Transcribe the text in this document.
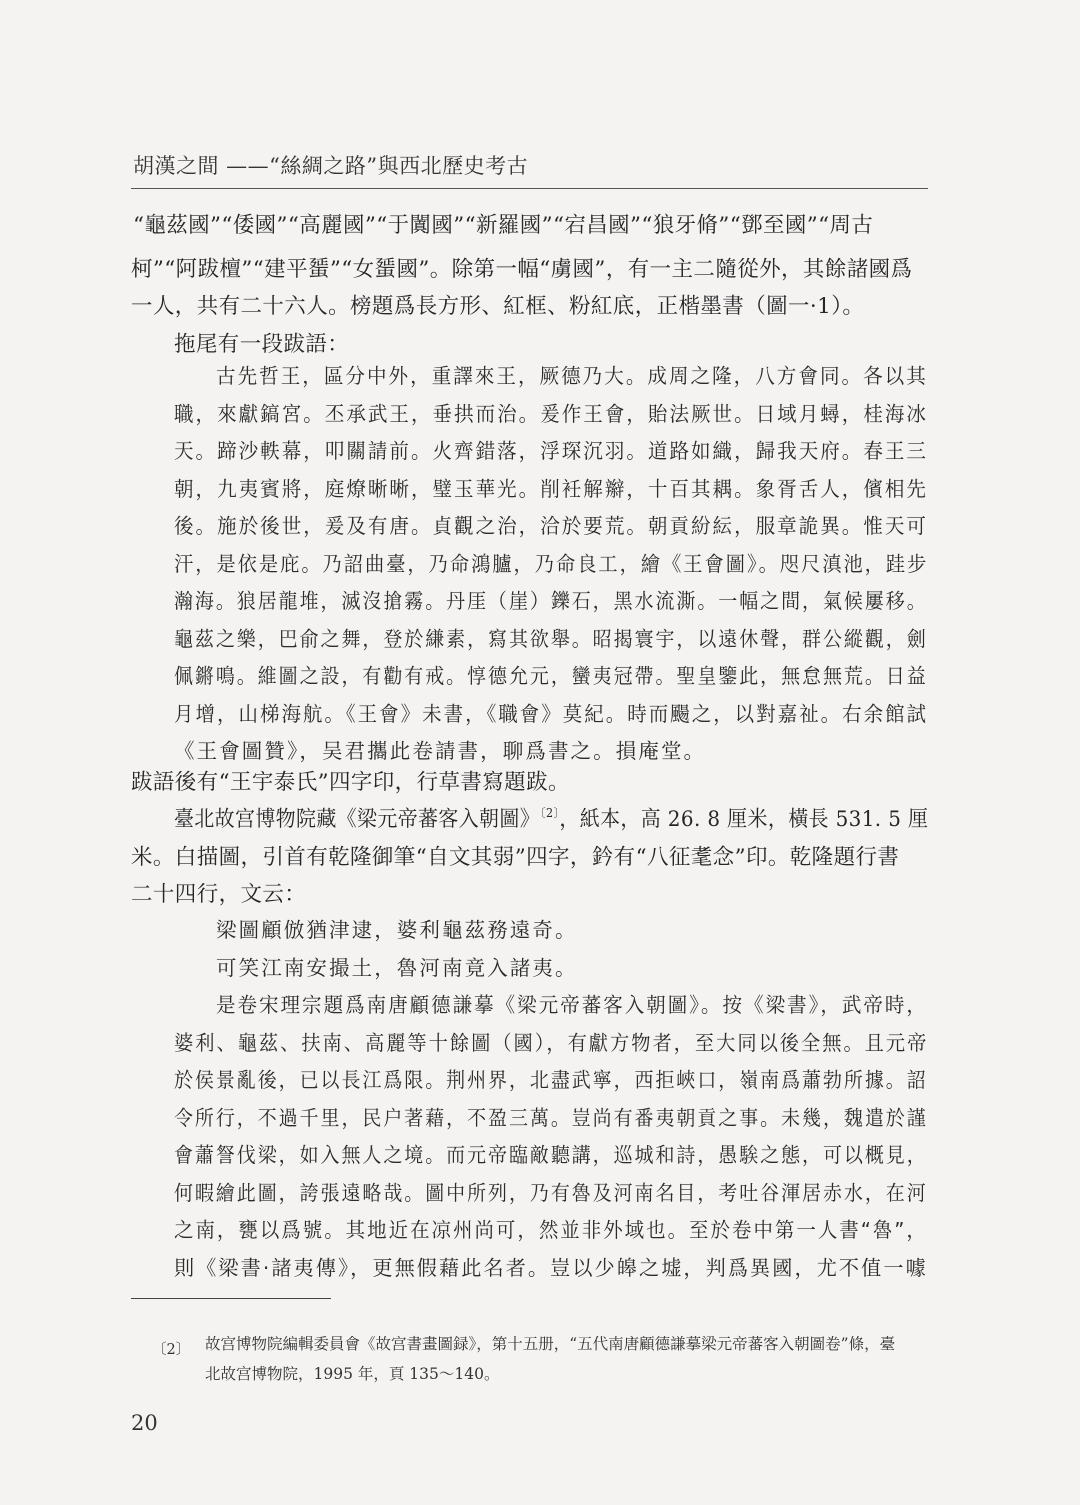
胡漢之間 ——“絲綢之路”與西北歷史考古
“龜茲國”“倭國”“高麗國”“于闐國”“新羅國”“宕昌國”“狼牙脩”“鄧至國”“周古
柯”“阿跋檀”“建平蜑”“女蜑國”。除第一幅“虜國”，有一主二隨從外，其餘諸國爲
一人，共有二十六人。榜題爲長方形、紅框、粉紅底，正楷墨書（圖一·1）。
拖尾有一段跋語：
古先哲王，區分中外，重譯來王，厥德乃大。成周之隆，八方會同。各以其
職，來獻鎬宮。丕承武王，垂拱而治。爰作王會，貽法厥世。日域月蟳，桂海冰
天。蹄沙軼幕，叩關請前。火齊錯落，浮琛沉羽。道路如織，歸我天府。春王三
朝，九夷賓將，庭燎晰晰，璧玉華光。削衽解辮，十百其耦。象胥舌人，儐相先
後。施於後世，爰及有唐。貞觀之治，洽於要荒。朝貢紛紜，服章詭異。惟天可
汗，是依是庇。乃詔曲臺，乃命鴻臚，乃命良工，繪《王會圖》。咫尺滇池，跬步
瀚海。狼居龍堆，滅沒搶霧。丹厓（崖）鑠石，黑水流澌。一幅之間，氣候屢移。
龜茲之樂，巴俞之舞，登於縑素，寫其欲舉。昭揭寰宇，以遠休聲，群公縱觀，劍
佩鏘鳴。維圖之設，有勸有戒。惇德允元，蠻夷冠帶。聖皇鑒此，無怠無荒。日益
月增，山梯海航。《王會》未書，《職會》莫紀。時而颺之，以對嘉祉。右余館試
《王會圖贊》，吴君攜此卷請書，聊爲書之。損庵堂。
跋語後有“王宇泰氏”四字印，行草書寫題跋。
臺北故宫博物院藏《梁元帝蕃客入朝圖》$^{〔2〕}$，紙本，高 26. 8 厘米，橫長 531. 5 厘
米。白描圖，引首有乾隆御筆“自文其弱”四字，鈐有“八征耄念”印。乾隆題行書
二十四行，文云：
梁圖顧倣猶津逮，婆利龜茲務遠奇。
可笑江南安撮土，魯河南竟入諸夷。
是卷宋理宗題爲南唐顧德謙摹《梁元帝蕃客入朝圖》。按《梁書》，武帝時，
婆利、龜茲、扶南、高麗等十餘圖（國），有獻方物者，至大同以後全無。且元帝
於侯景亂後，已以長江爲限。荆州界，北盡武寧，西拒峽口，嶺南爲蕭勃所據。詔
令所行，不過千里，民户著藉，不盈三萬。豈尚有番夷朝貢之事。未幾，魏遣於謹
會蕭詧伐梁，如入無人之境。而元帝臨敵聽講，巡城和詩，愚騃之態，可以概見，
何暇繪此圖，誇張遠略哉。圖中所列，乃有魯及河南名目，考吐谷渾居赤水，在河
之南，甕以爲號。其地近在凉州尚可，然並非外域也。至於卷中第一人書“魯”，
則《梁書·諸夷傳》，更無假藉此名者。豈以少皞之墟，判爲異國，尤不值一噱
〔2〕 故宫博物院編輯委員會《故宫書畫圖録》，第十五册，“五代南唐顧德謙摹梁元帝蕃客入朝圖卷”條，臺
北故宫博物院，1995 年，頁 135～140。
20
